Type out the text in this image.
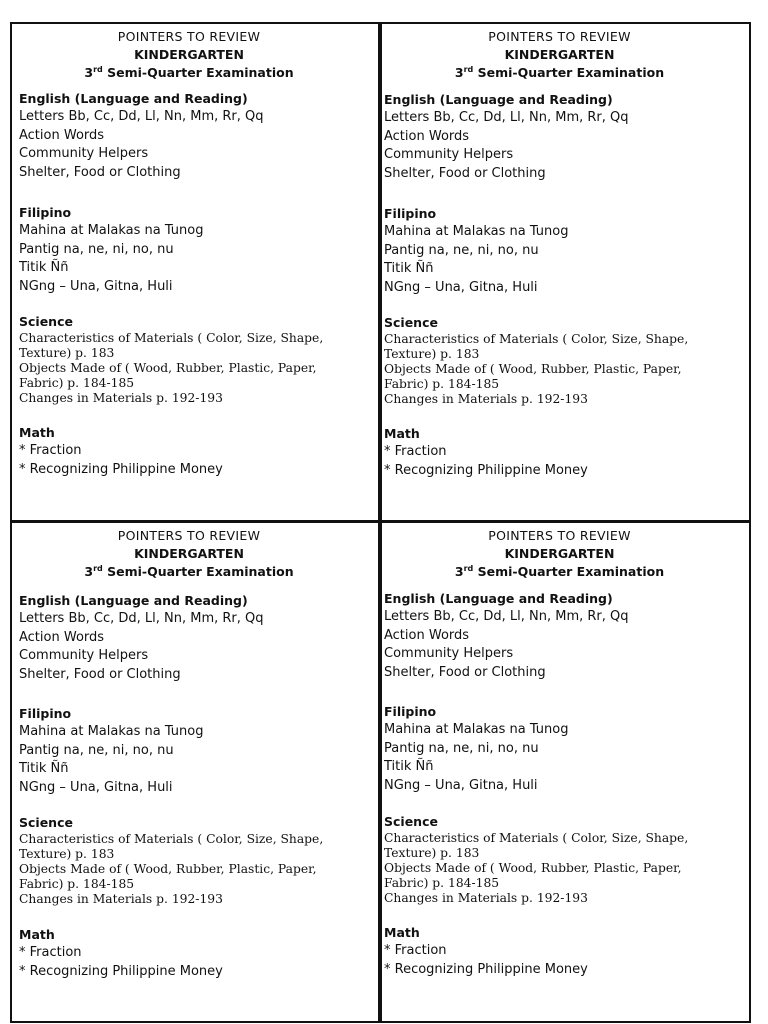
POINTERS TO REVIEW
KINDERGARTEN
3rd Semi-Quarter Examination
English (Language and Reading)
Letters Bb, Cc, Dd, Ll, Nn, Mm, Rr, Qq
Action Words
Community Helpers
Shelter, Food or Clothing
Filipino
Mahina at Malakas na Tunog
Pantig na, ne, ni, no, nu
Titik Ññ
NGng – Una, Gitna, Huli
Science
Characteristics of Materials ( Color, Size, Shape,
Texture) p. 183
Objects Made of ( Wood, Rubber, Plastic, Paper,
Fabric) p. 184-185
Changes in Materials p. 192-193
Math
* Fraction
* Recognizing Philippine Money
POINTERS TO REVIEW
KINDERGARTEN
3rd Semi-Quarter Examination
English (Language and Reading)
Letters Bb, Cc, Dd, Ll, Nn, Mm, Rr, Qq
Action Words
Community Helpers
Shelter, Food or Clothing
Filipino
Mahina at Malakas na Tunog
Pantig na, ne, ni, no, nu
Titik Ññ
NGng – Una, Gitna, Huli
Science
Characteristics of Materials ( Color, Size, Shape,
Texture) p. 183
Objects Made of ( Wood, Rubber, Plastic, Paper,
Fabric) p. 184-185
Changes in Materials p. 192-193
Math
* Fraction
* Recognizing Philippine Money
POINTERS TO REVIEW
KINDERGARTEN
3rd Semi-Quarter Examination
English (Language and Reading)
Letters Bb, Cc, Dd, Ll, Nn, Mm, Rr, Qq
Action Words
Community Helpers
Shelter, Food or Clothing
Filipino
Mahina at Malakas na Tunog
Pantig na, ne, ni, no, nu
Titik Ññ
NGng – Una, Gitna, Huli
Science
Characteristics of Materials ( Color, Size, Shape,
Texture) p. 183
Objects Made of ( Wood, Rubber, Plastic, Paper,
Fabric) p. 184-185
Changes in Materials p. 192-193
Math
* Fraction
* Recognizing Philippine Money
POINTERS TO REVIEW
KINDERGARTEN
3rd Semi-Quarter Examination
English (Language and Reading)
Letters Bb, Cc, Dd, Ll, Nn, Mm, Rr, Qq
Action Words
Community Helpers
Shelter, Food or Clothing
Filipino
Mahina at Malakas na Tunog
Pantig na, ne, ni, no, nu
Titik Ññ
NGng – Una, Gitna, Huli
Science
Characteristics of Materials ( Color, Size, Shape,
Texture) p. 183
Objects Made of ( Wood, Rubber, Plastic, Paper,
Fabric) p. 184-185
Changes in Materials p. 192-193
Math
* Fraction
* Recognizing Philippine Money
